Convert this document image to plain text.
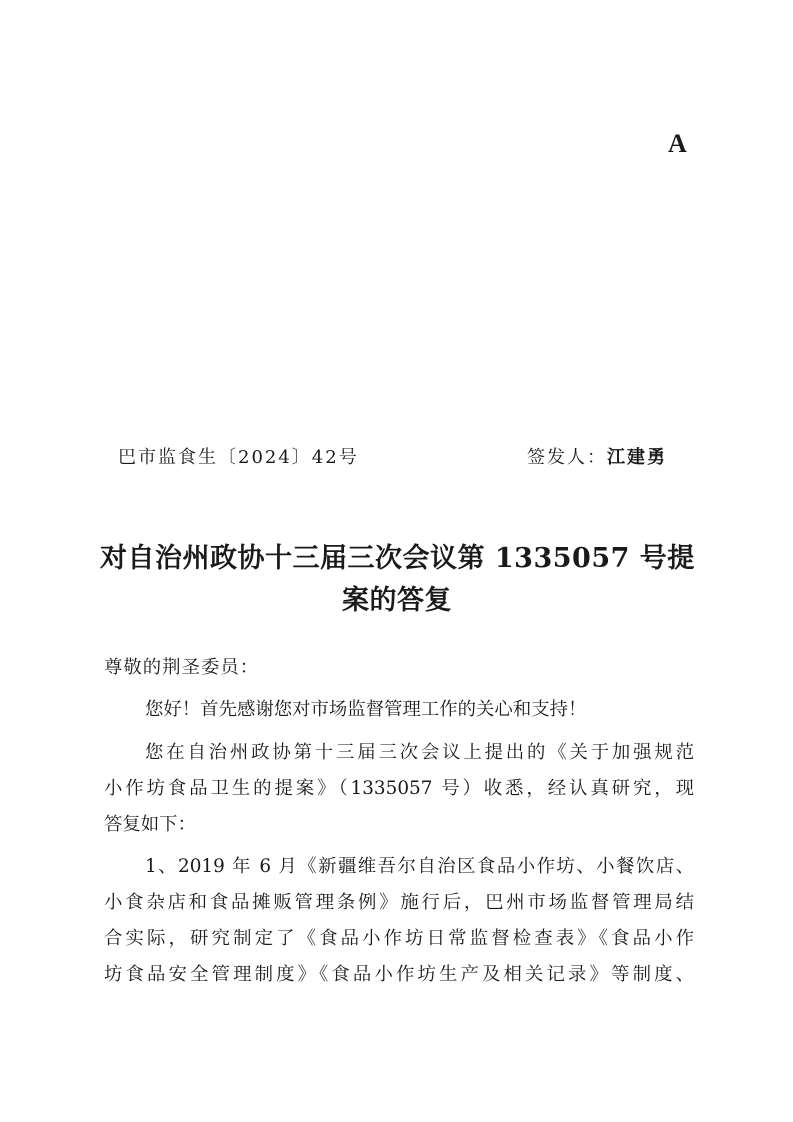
A
巴市监食生〔2024〕42号	签发人：江建勇
对自治州政协十三届三次会议第 1335057 号提
案的答复
尊敬的荆圣委员：
您好！首先感谢您对市场监督管理工作的关心和支持！
您在自治州政协第十三届三次会议上提出的《关于加强规范
小作坊食品卫生的提案》（1335057 号）收悉，经认真研究，现
答复如下：
1、2019 年 6 月《新疆维吾尔自治区食品小作坊、小餐饮店、
小食杂店和食品摊贩管理条例》施行后，巴州市场监督管理局结
合实际，研究制定了《食品小作坊日常监督检查表》《食品小作
坊食品安全管理制度》《食品小作坊生产及相关记录》等制度、
